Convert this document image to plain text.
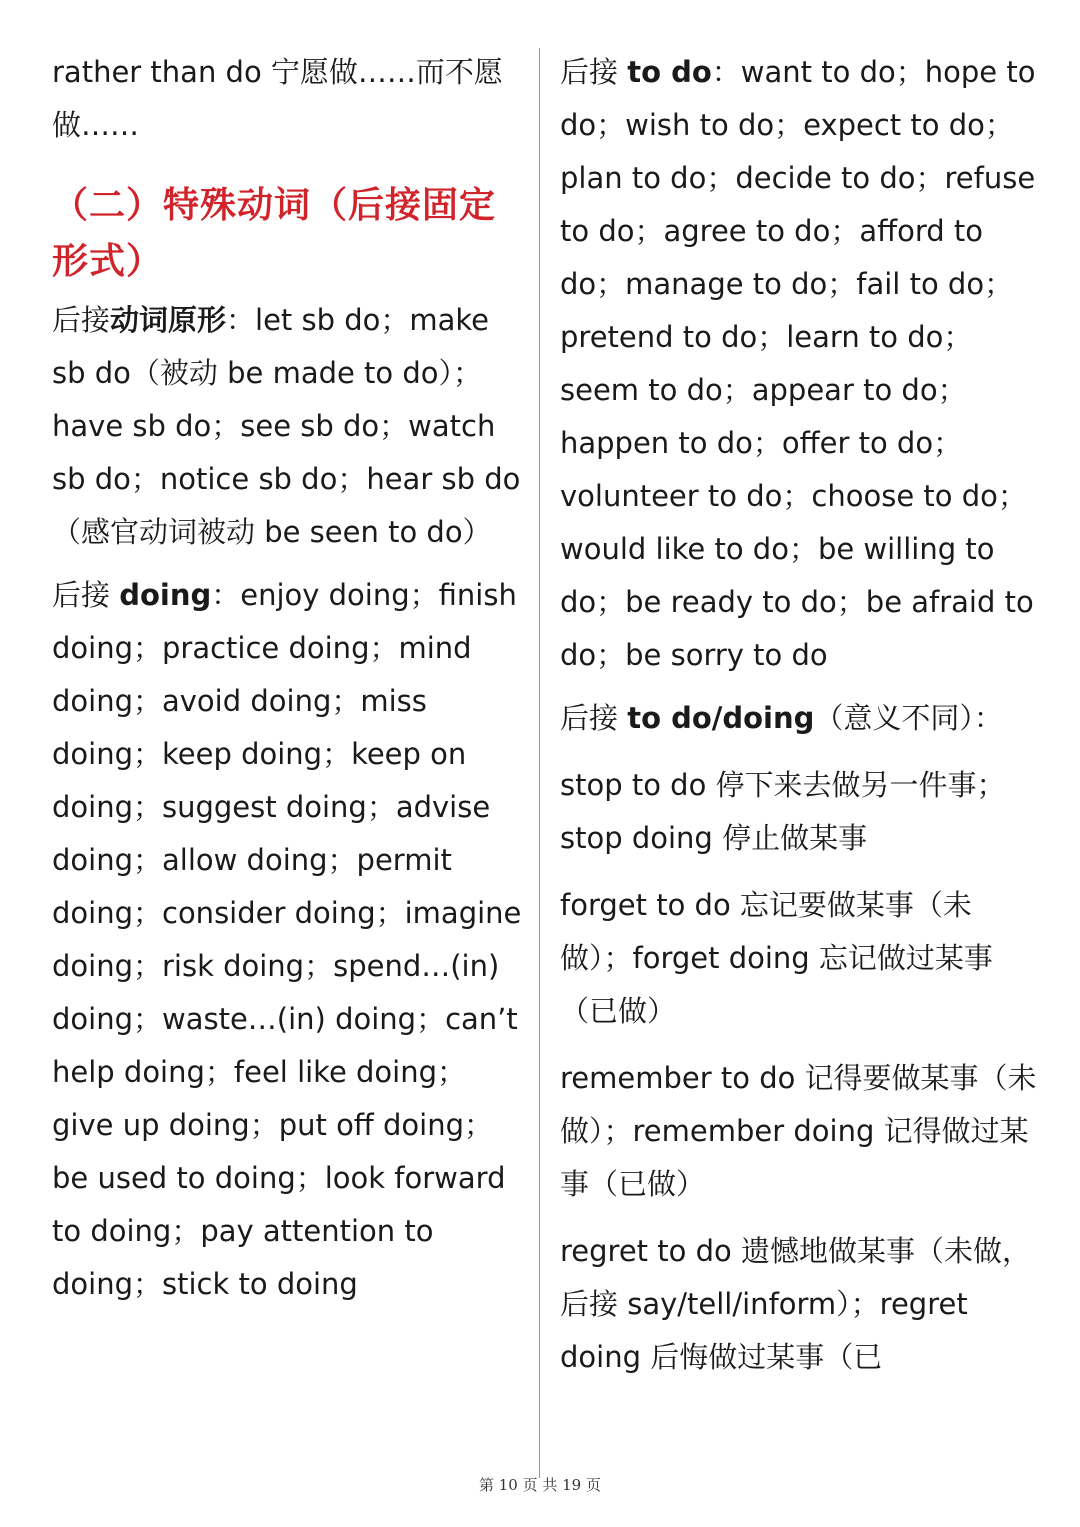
rather than do 宁愿做……而不愿做……

（二）特殊动词（后接固定形式）

后接动词原形：let sb do；make sb do（被动 be made to do）；have sb do；see sb do；watch sb do；notice sb do；hear sb do（感官动词被动 be seen to do）

后接 doing：enjoy doing；finish doing；practice doing；mind doing；avoid doing；miss doing；keep doing；keep on doing；suggest doing；advise doing；allow doing；permit doing；consider doing；imagine doing；risk doing；spend…(in) doing；waste…(in) doing；can’t help doing；feel like doing；give up doing；put off doing；be used to doing；look forward to doing；pay attention to doing；stick to doing

后接 to do：want to do；hope to do；wish to do；expect to do；plan to do；decide to do；refuse to do；agree to do；afford to do；manage to do；fail to do；pretend to do；learn to do；seem to do；appear to do；happen to do；offer to do；volunteer to do；choose to do；would like to do；be willing to do；be ready to do；be afraid to do；be sorry to do

后接 to do/doing（意义不同）：

stop to do 停下来去做另一件事；stop doing 停止做某事

forget to do 忘记要做某事（未做）；forget doing 忘记做过某事（已做）

remember to do 记得要做某事（未做）；remember doing 记得做过某事（已做）

regret to do 遗憾地做某事（未做，后接 say/tell/inform）；regret doing 后悔做过某事（已

第 10 页 共 19 页
